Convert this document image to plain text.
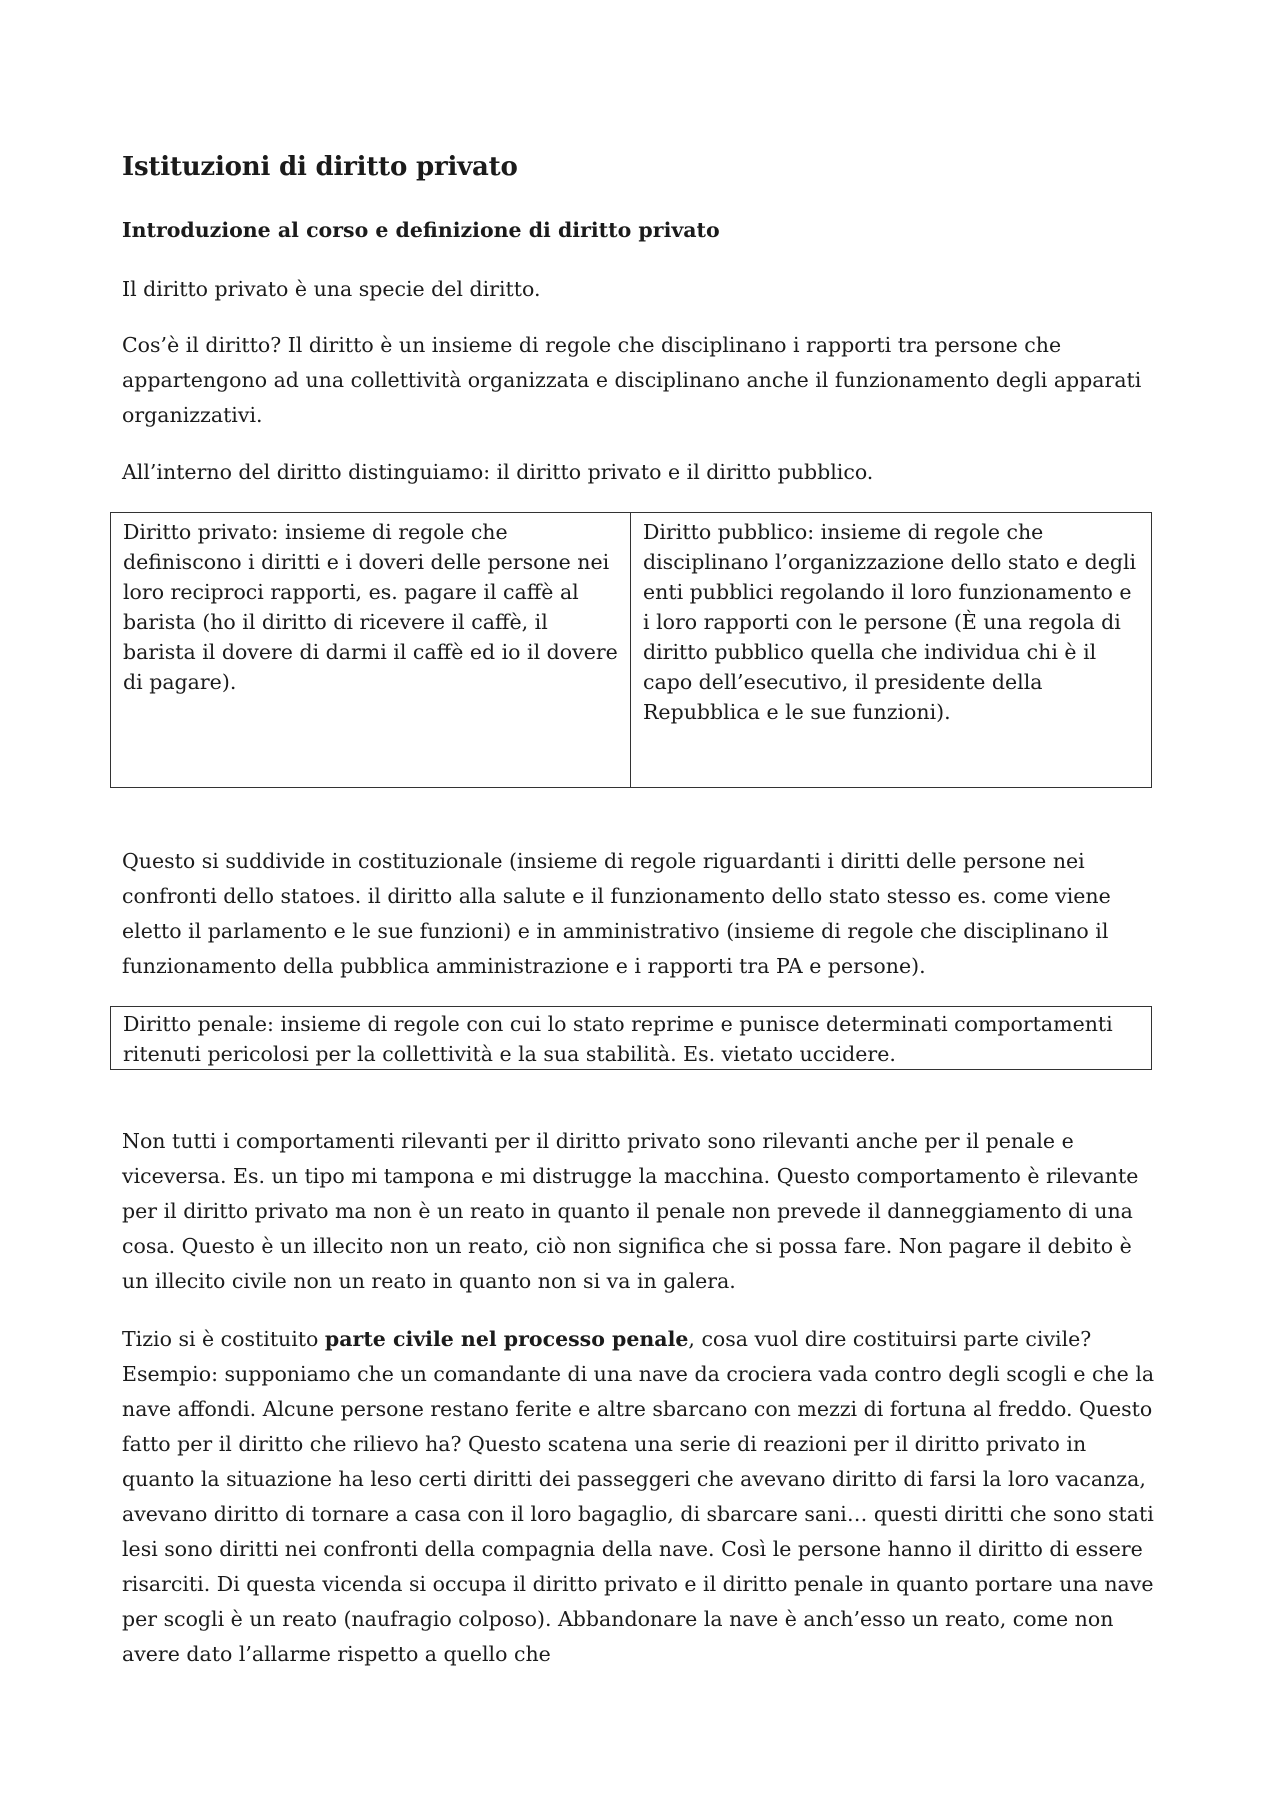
Istituzioni di diritto privato
Introduzione al corso e definizione di diritto privato

Il diritto privato è una specie del diritto.

Cos’è il diritto? Il diritto è un insieme di regole che disciplinano i rapporti tra persone che appartengono ad una collettività organizzata e disciplinano anche il funzionamento degli apparati organizzativi.

All’interno del diritto distinguiamo: il diritto privato e il diritto pubblico.

Diritto privato: insieme di regole che definiscono i diritti e i doveri delle persone nei loro reciproci rapporti, es. pagare il caffè al barista (ho il diritto di ricevere il caffè, il barista il dovere di darmi il caffè ed io il dovere di pagare).
Diritto pubblico: insieme di regole che disciplinano l’organizzazione dello stato e degli enti pubblici regolando il loro funzionamento e i loro rapporti con le persone (È una regola di diritto pubblico quella che individua chi è il capo dell’esecutivo, il presidente della Repubblica e le sue funzioni).

Questo si suddivide in costituzionale (insieme di regole riguardanti i diritti delle persone nei confronti dello statoes. il diritto alla salute e il funzionamento dello stato stesso es. come viene eletto il parlamento e le sue funzioni) e in amministrativo (insieme di regole che disciplinano il funzionamento della pubblica amministrazione e i rapporti tra PA e persone).

Diritto penale: insieme di regole con cui lo stato reprime e punisce determinati comportamenti ritenuti pericolosi per la collettività e la sua stabilità. Es. vietato uccidere.

Non tutti i comportamenti rilevanti per il diritto privato sono rilevanti anche per il penale e viceversa. Es. un tipo mi tampona e mi distrugge la macchina. Questo comportamento è rilevante per il diritto privato ma non è un reato in quanto il penale non prevede il danneggiamento di una cosa. Questo è un illecito non un reato, ciò non significa che si possa fare. Non pagare il debito è un illecito civile non un reato in quanto non si va in galera.

Tizio si è costituito parte civile nel processo penale, cosa vuol dire costituirsi parte civile? Esempio: supponiamo che un comandante di una nave da crociera vada contro degli scogli e che la nave affondi. Alcune persone restano ferite e altre sbarcano con mezzi di fortuna al freddo. Questo fatto per il diritto che rilievo ha? Questo scatena una serie di reazioni per il diritto privato in quanto la situazione ha leso certi diritti dei passeggeri che avevano diritto di farsi la loro vacanza, avevano diritto di tornare a casa con il loro bagaglio, di sbarcare sani… questi diritti che sono stati lesi sono diritti nei confronti della compagnia della nave. Così le persone hanno il diritto di essere risarciti. Di questa vicenda si occupa il diritto privato e il diritto penale in quanto portare una nave per scogli è un reato (naufragio colposo). Abbandonare la nave è anch’esso un reato, come non avere dato l’allarme rispetto a quello che
